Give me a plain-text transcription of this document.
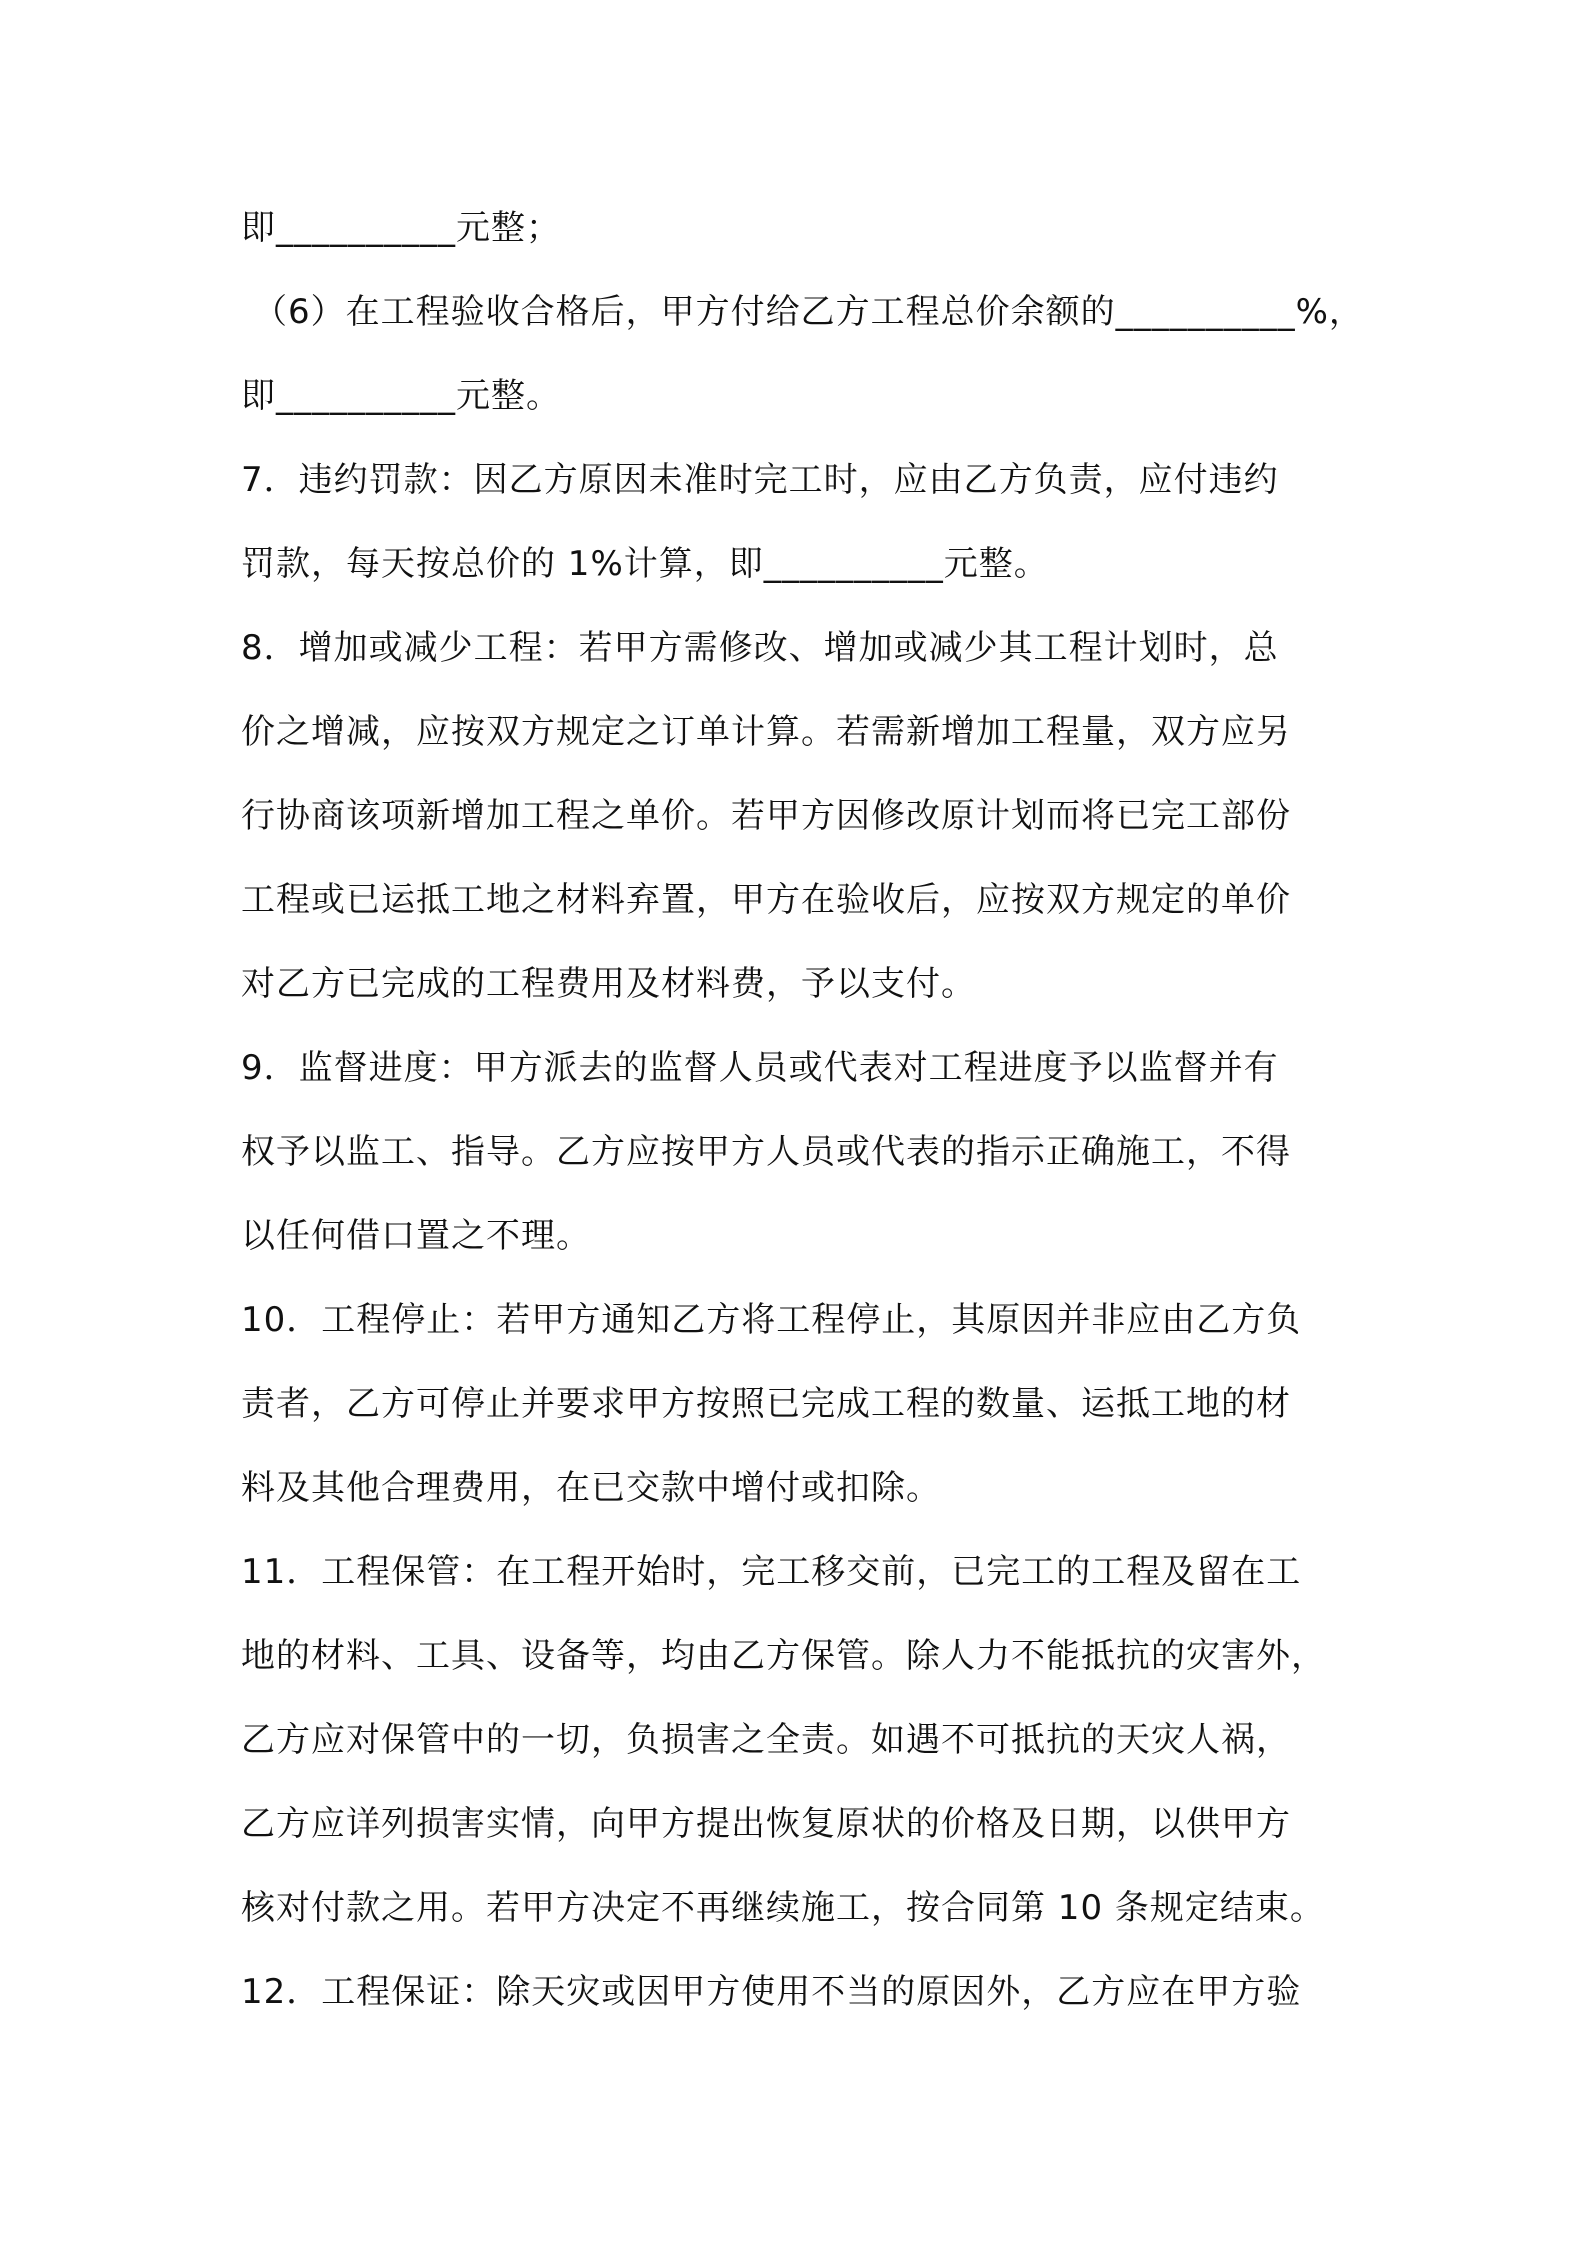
即__________元整；
（6）在工程验收合格后，甲方付给乙方工程总价余额的__________%，
即__________元整。
7．违约罚款：因乙方原因未准时完工时，应由乙方负责，应付违约
罚款，每天按总价的 1%计算，即__________元整。
8．增加或减少工程：若甲方需修改、增加或减少其工程计划时，总
价之增减，应按双方规定之订单计算。若需新增加工程量，双方应另
行协商该项新增加工程之单价。若甲方因修改原计划而将已完工部份
工程或已运抵工地之材料弃置，甲方在验收后，应按双方规定的单价
对乙方已完成的工程费用及材料费，予以支付。
9．监督进度：甲方派去的监督人员或代表对工程进度予以监督并有
权予以监工、指导。乙方应按甲方人员或代表的指示正确施工，不得
以任何借口置之不理。
10．工程停止：若甲方通知乙方将工程停止，其原因并非应由乙方负
责者，乙方可停止并要求甲方按照已完成工程的数量、运抵工地的材
料及其他合理费用，在已交款中增付或扣除。
11．工程保管：在工程开始时，完工移交前，已完工的工程及留在工
地的材料、工具、设备等，均由乙方保管。除人力不能抵抗的灾害外，
乙方应对保管中的一切，负损害之全责。如遇不可抵抗的天灾人祸，
乙方应详列损害实情，向甲方提出恢复原状的价格及日期，以供甲方
核对付款之用。若甲方决定不再继续施工，按合同第 10 条规定结束。
12．工程保证：除天灾或因甲方使用不当的原因外，乙方应在甲方验
